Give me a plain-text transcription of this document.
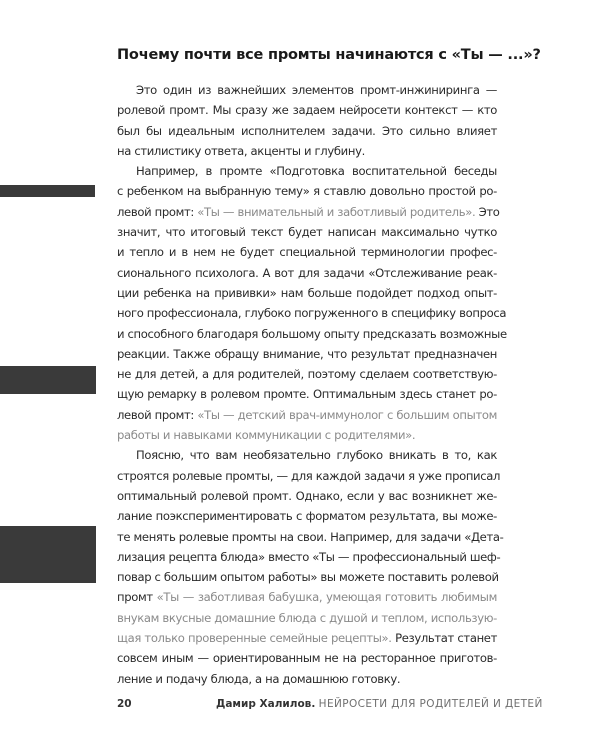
Почему почти все промты начинаются с «Ты — ...»?
Это один из важнейших элементов промт-инжиниринга —
ролевой промт. Мы сразу же задаем нейросети контекст — кто
был бы идеальным исполнителем задачи. Это сильно влияет
на стилистику ответа, акценты и глубину.
Например, в промте «Подготовка воспитательной беседы
с ребенком на выбранную тему» я ставлю довольно простой ро-
левой промт: «Ты — внимательный и заботливый родитель». Это
значит, что итоговый текст будет написан максимально чутко
и тепло и в нем не будет специальной терминологии профес-
сионального психолога. А вот для задачи «Отслеживание реак-
ции ребенка на прививки» нам больше подойдет подход опыт-
ного профессионала, глубоко погруженного в специфику вопроса
и способного благодаря большому опыту предсказать возможные
реакции. Также обращу внимание, что результат предназначен
не для детей, а для родителей, поэтому сделаем соответствую-
щую ремарку в ролевом промте. Оптимальным здесь станет ро-
левой промт: «Ты — детский врач-иммунолог с большим опытом
работы и навыками коммуникации с родителями».
Поясню, что вам необязательно глубоко вникать в то, как
строятся ролевые промты, — для каждой задачи я уже прописал
оптимальный ролевой промт. Однако, если у вас возникнет же-
лание поэкспериментировать с форматом результата, вы може-
те менять ролевые промты на свои. Например, для задачи «Дета-
лизация рецепта блюда» вместо «Ты — профессиональный шеф-
повар с большим опытом работы» вы можете поставить ролевой
промт «Ты — заботливая бабушка, умеющая готовить любимым
внукам вкусные домашние блюда с душой и теплом, использую-
щая только проверенные семейные рецепты». Результат станет
совсем иным — ориентированным не на ресторанное приготов-
ление и подачу блюда, а на домашнюю готовку.
20	Дамир Халилов. НЕЙРОСЕТИ ДЛЯ РОДИТЕЛЕЙ И ДЕТЕЙ
